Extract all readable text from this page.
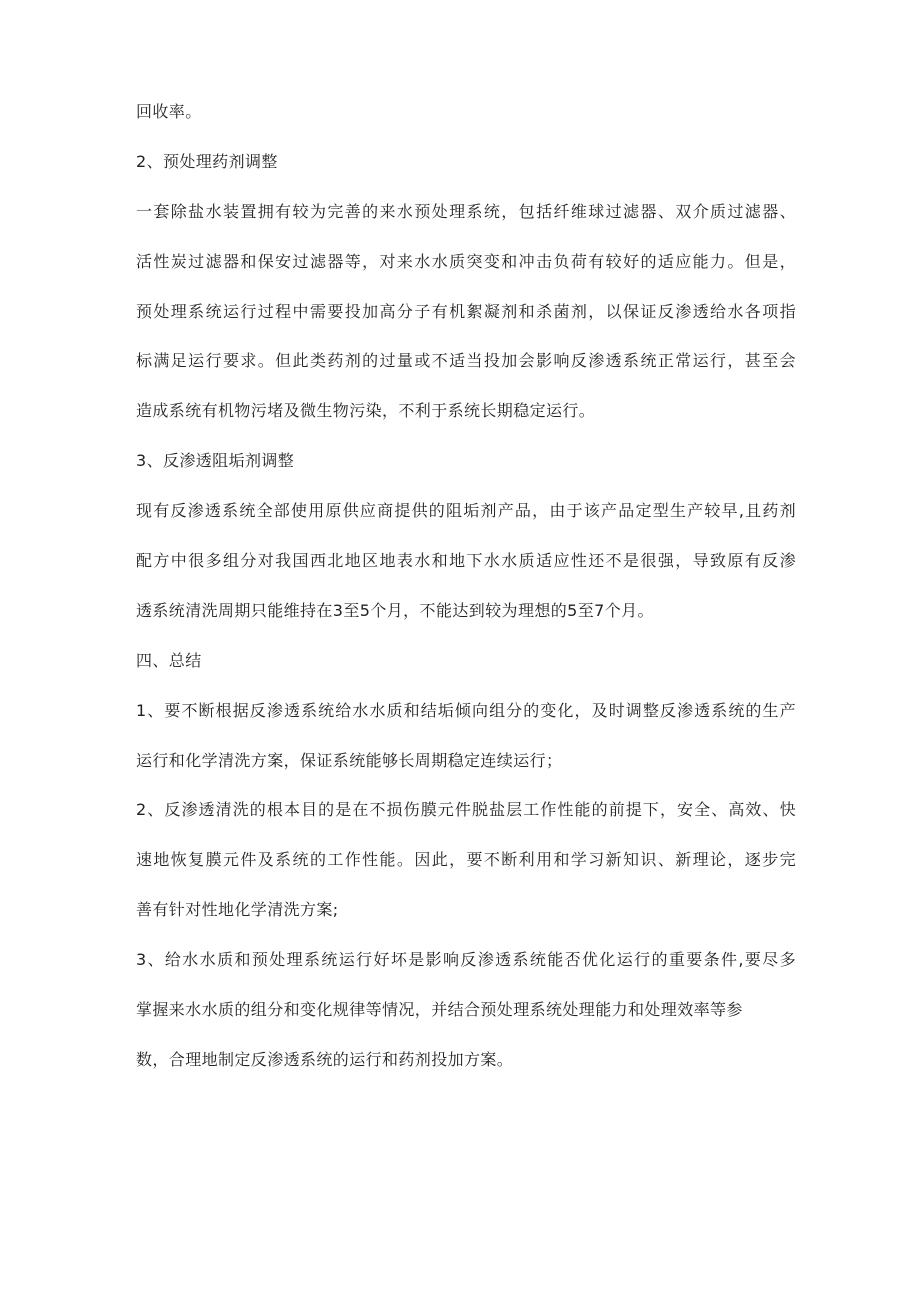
回收率。
2、预处理药剂调整
一套除盐水装置拥有较为完善的来水预处理系统，包括纤维球过滤器、双介质过滤器、
活性炭过滤器和保安过滤器等，对来水水质突变和冲击负荷有较好的适应能力。但是，
预处理系统运行过程中需要投加高分子有机絮凝剂和杀菌剂，以保证反渗透给水各项指
标满足运行要求。但此类药剂的过量或不适当投加会影响反渗透系统正常运行，甚至会
造成系统有机物污堵及微生物污染，不利于系统长期稳定运行。
3、反渗透阻垢剂调整
现有反渗透系统全部使用原供应商提供的阻垢剂产品，由于该产品定型生产较早,且药剂
配方中很多组分对我国西北地区地表水和地下水水质适应性还不是很强，导致原有反渗
透系统清洗周期只能维持在3至5个月，不能达到较为理想的5至7个月。
四、总结
1、要不断根据反渗透系统给水水质和结垢倾向组分的变化，及时调整反渗透系统的生产
运行和化学清洗方案，保证系统能够长周期稳定连续运行；
2、反渗透清洗的根本目的是在不损伤膜元件脱盐层工作性能的前提下，安全、高效、快
速地恢复膜元件及系统的工作性能。因此，要不断利用和学习新知识、新理论，逐步完
善有针对性地化学清洗方案;
3、给水水质和预处理系统运行好坏是影响反渗透系统能否优化运行的重要条件,要尽多
掌握来水水质的组分和变化规律等情况，并结合预处理系统处理能力和处理效率等参
数，合理地制定反渗透系统的运行和药剂投加方案。
